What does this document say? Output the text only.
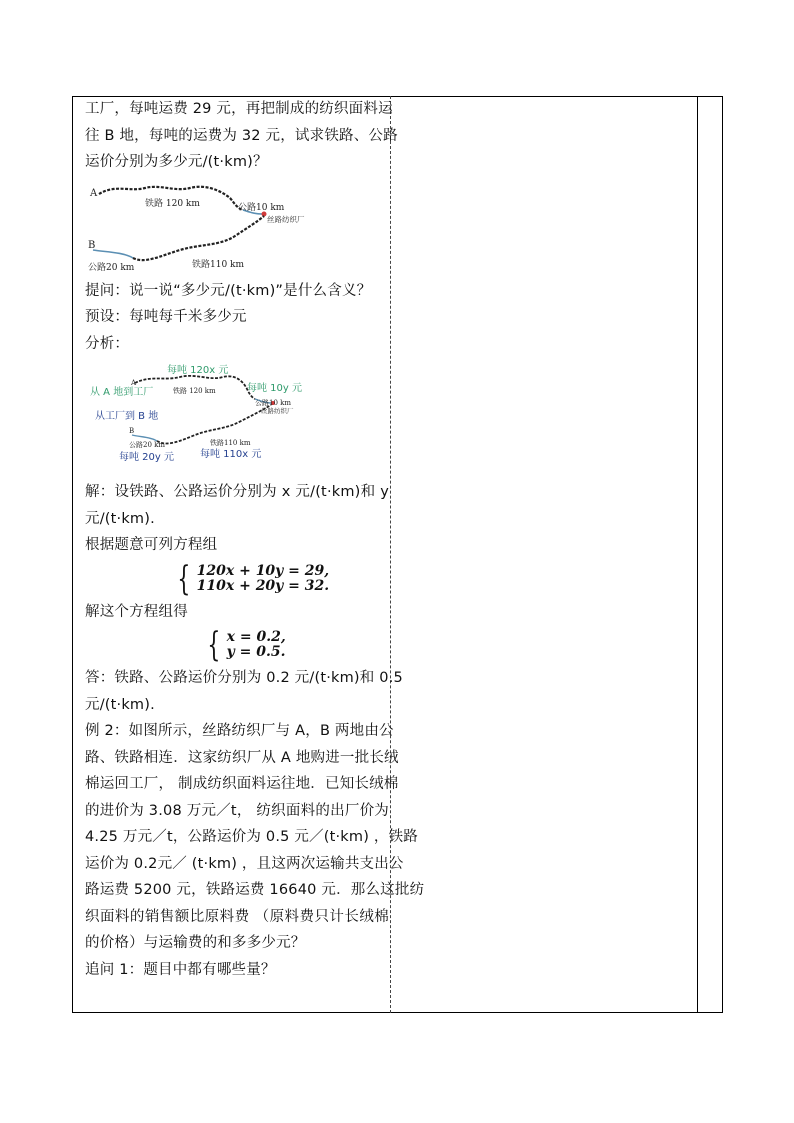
工厂，每吨运费 29 元，再把制成的纺织面料运

往 B 地，每吨的运费为 32 元，试求铁路、公路

运价分别为多少元/(t·km)？

A
铁路 120 km	公路10 km
丝路纺织厂
B
公路20 km	铁路110 km

提问：说一说“多少元/(t·km)”是什么含义？

预设：每吨每千米多少元

分析：

每吨 120x 元
从 A 地到工厂	每吨 10y 元
A
铁路 120 km
公路10 km
丝路纺织厂
从工厂到 B 地
B
公路20 km	铁路110 km
每吨 20y 元	每吨 110x 元

解：设铁路、公路运价分别为 x 元/(t·km)和 y

元/(t·km).

根据题意可列方程组

{ 120x + 10y = 29,
110x + 20y = 32.

解这个方程组得

{ x = 0.2,
y = 0.5.

答：铁路、公路运价分别为 0.2 元/(t·km)和 0.5

元/(t·km).

例 2：如图所示，丝路纺织厂与 A，B 两地由公

路、铁路相连．这家纺织厂从 A 地购进一批长绒

棉运回工厂， 制成纺织面料运往地．已知长绒棉

的进价为 3.08 万元／t， 纺织面料的出厂价为

4.25 万元／t，公路运价为 0.5 元／(t·km) ，铁路

运价为 0.2元／ (t·km) ，且这两次运输共支出公

路运费 5200 元，铁路运费 16640 元．那么这批纺

织面料的销售额比原料费 （原料费只计长绒棉

的价格）与运输费的和多多少元？

追问 1：题目中都有哪些量？
